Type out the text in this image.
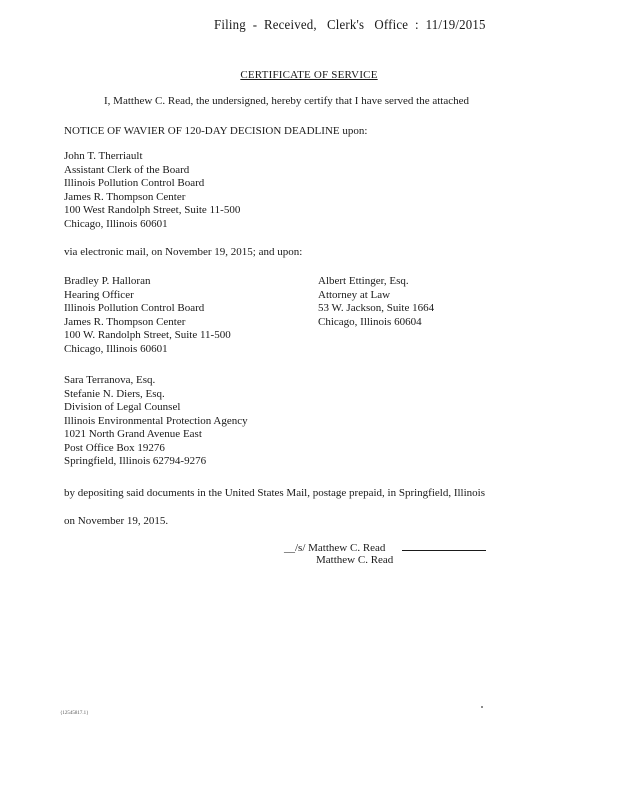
Filing  -  Received,   Clerk's   Office  :  11/19/2015
CERTIFICATE OF SERVICE
I, Matthew C. Read, the undersigned, hereby certify that I have served the attached
NOTICE OF WAVIER OF 120-DAY DECISION DEADLINE upon:
John T. Therriault
Assistant Clerk of the Board
Illinois Pollution Control Board
James R. Thompson Center
100 West Randolph Street, Suite 11-500
Chicago, Illinois 60601
via electronic mail, on November 19, 2015; and upon:
Bradley P. Halloran
Hearing Officer
Illinois Pollution Control Board
James R. Thompson Center
100 W. Randolph Street, Suite 11-500
Chicago, Illinois 60601
Albert Ettinger, Esq.
Attorney at Law
53 W. Jackson, Suite 1664
Chicago, Illinois 60604
Sara Terranova, Esq.
Stefanie N. Diers, Esq.
Division of Legal Counsel
Illinois Environmental Protection Agency
1021 North Grand Avenue East
Post Office Box 19276
Springfield, Illinois 62794-9276
by depositing said documents in the United States Mail, postage prepaid, in Springfield, Illinois
on November 19, 2015.
__/s/ Matthew C. Read
Matthew C. Read
{12545817.1}
